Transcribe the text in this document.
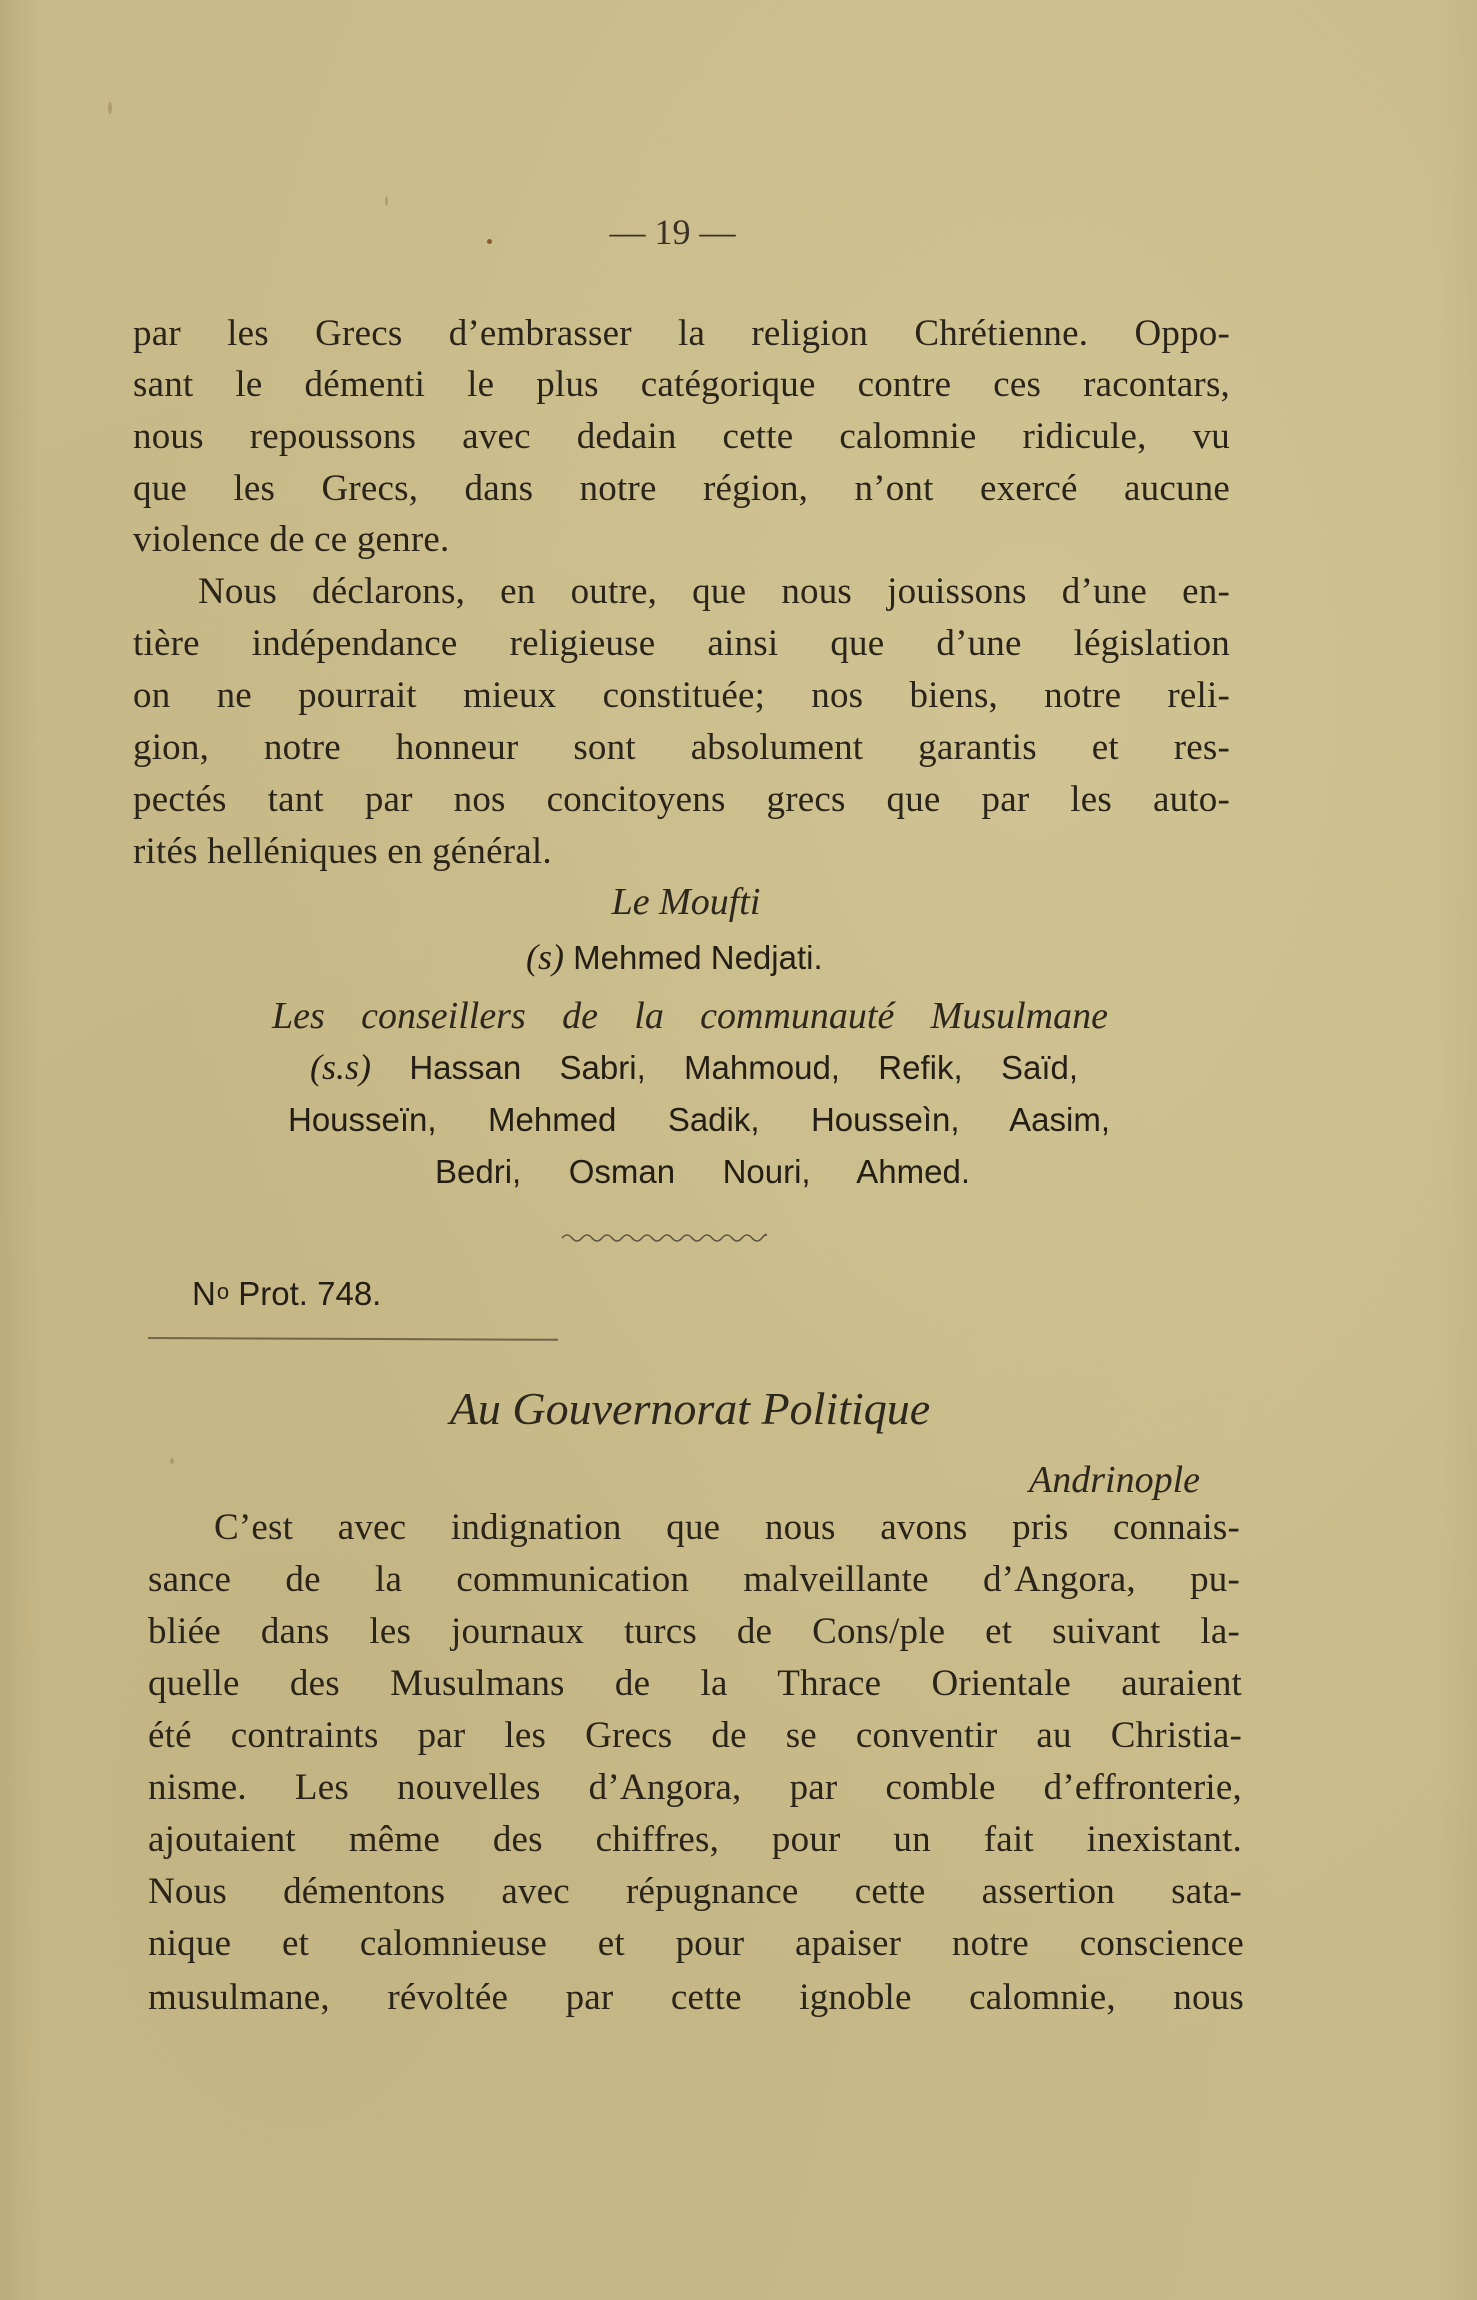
— 19 —
par les Grecs d’embrasser la religion Chrétienne. Oppo-
sant le démenti le plus catégorique contre ces racontars,
nous repoussons avec dedain cette calomnie ridicule, vu
que les Grecs, dans notre région, n’ont exercé aucune
violence de ce genre.
Nous déclarons, en outre, que nous jouissons d’une en-
tière indépendance religieuse ainsi que d’une législation
on ne pourrait mieux constituée; nos biens, notre reli-
gion, notre honneur sont absolument garantis et res-
pectés tant par nos concitoyens grecs que par les auto-
rités helléniques en général.
Le Moufti
(s) Mehmed Nedjati.
Les conseillers de la communauté Musulmane
(s.s) Hassan Sabri, Mahmoud, Refik, Saïd,
Housseïn, Mehmed Sadik, Housseìn, Aasim,
Bedri, Osman Nouri, Ahmed.
No Prot. 748.
Au Gouvernorat Politique
Andrinople
C’est avec indignation que nous avons pris connais-
sance de la communication malveillante d’Angora, pu-
bliée dans les journaux turcs de Cons/ple et suivant la-
quelle des Musulmans de la Thrace Orientale auraient
été contraints par les Grecs de se conventir au Christia-
nisme. Les nouvelles d’Angora, par comble d’effronterie,
ajoutaient même des chiffres, pour un fait inexistant.
Nous démentons avec répugnance cette assertion sata-
nique et calomnieuse et pour apaiser notre conscience
musulmane, révoltée par cette ignoble calomnie, nous
